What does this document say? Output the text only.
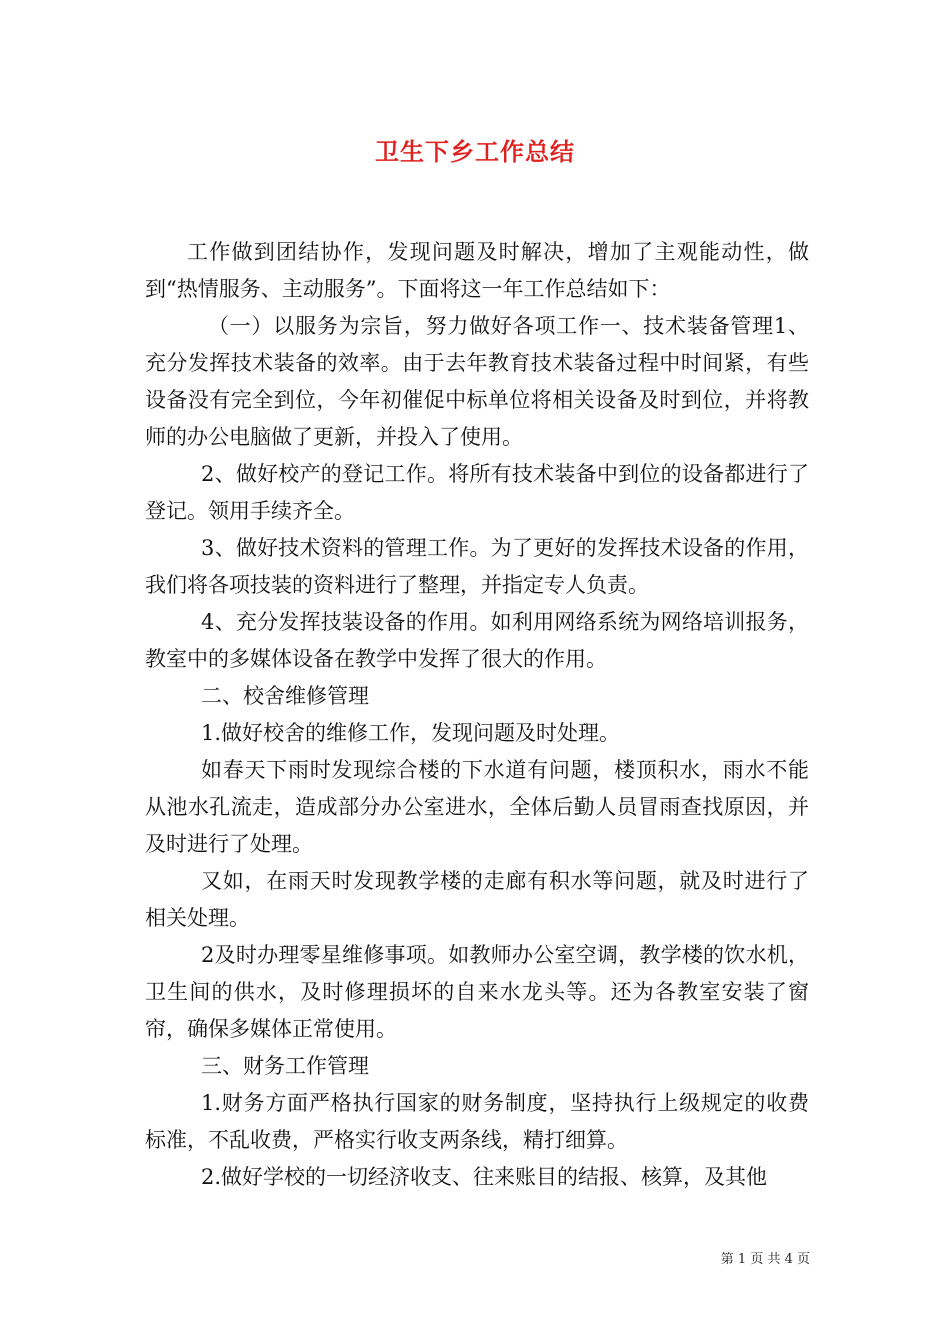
卫生下乡工作总结

工作做到团结协作，发现问题及时解决，增加了主观能动性，做到“热情服务、主动服务”。下面将这一年工作总结如下：

（一）以服务为宗旨，努力做好各项工作一、技术装备管理1、充分发挥技术装备的效率。由于去年教育技术装备过程中时间紧，有些设备没有完全到位，今年初催促中标单位将相关设备及时到位，并将教师的办公电脑做了更新，并投入了使用。

2、做好校产的登记工作。将所有技术装备中到位的设备都进行了登记。领用手续齐全。

3、做好技术资料的管理工作。为了更好的发挥技术设备的作用，我们将各项技装的资料进行了整理，并指定专人负责。

4、充分发挥技装设备的作用。如利用网络系统为网络培训报务，教室中的多媒体设备在教学中发挥了很大的作用。

二、校舍维修管理

1.做好校舍的维修工作，发现问题及时处理。

如春天下雨时发现综合楼的下水道有问题，楼顶积水，雨水不能从池水孔流走，造成部分办公室进水，全体后勤人员冒雨查找原因，并及时进行了处理。

又如，在雨天时发现教学楼的走廊有积水等问题，就及时进行了相关处理。

2及时办理零星维修事项。如教师办公室空调，教学楼的饮水机，卫生间的供水，及时修理损坏的自来水龙头等。还为各教室安装了窗帘，确保多媒体正常使用。

三、财务工作管理

1.财务方面严格执行国家的财务制度，坚持执行上级规定的收费标准，不乱收费，严格实行收支两条线，精打细算。

2.做好学校的一切经济收支、往来账目的结报、核算，及其他

第 1 页 共 4 页
